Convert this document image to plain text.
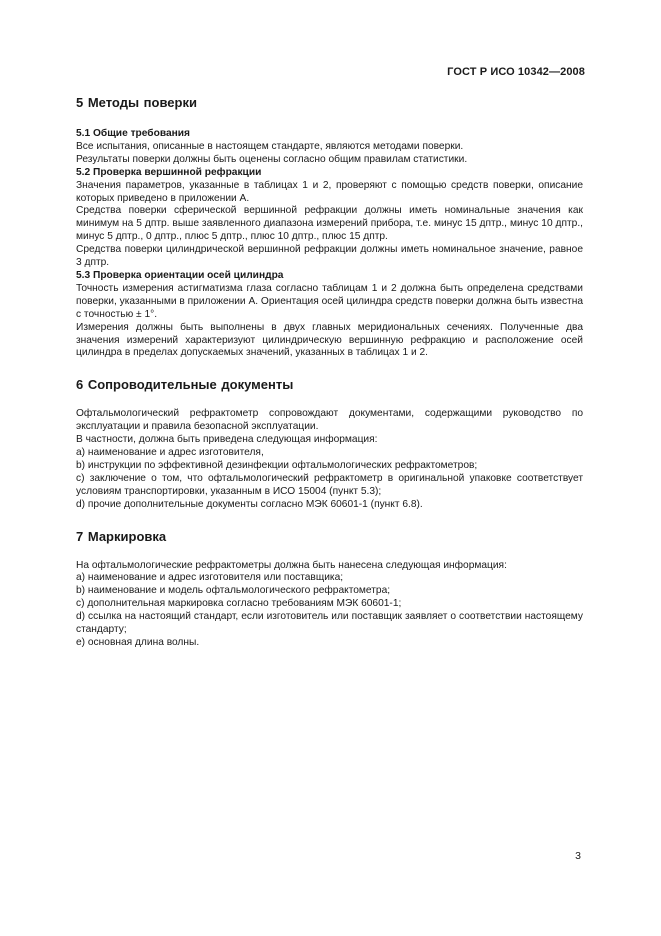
ГОСТ Р ИСО 10342—2008
5 Методы поверки
5.1 Общие требования

Все испытания, описанные в настоящем стандарте, являются методами поверки.

Результаты поверки должны быть оценены согласно общим правилам статистики.

5.2 Проверка вершинной рефракции

Значения параметров, указанные в таблицах 1 и 2, проверяют с помощью средств поверки, описание которых приведено в приложении А.

Средства поверки сферической вершинной рефракции должны иметь номинальные значения как минимум на 5 дптр. выше заявленного диапазона измерений прибора, т.е. минус 15 дптр., минус 10 дптр., минус 5 дптр., 0 дптр., плюс 5 дптр., плюс 10 дптр., плюс 15 дптр.

Средства поверки цилиндрической вершинной рефракции должны иметь номинальное значение, равное 3 дптр.

5.3 Проверка ориентации осей цилиндра

Точность измерения астигматизма глаза согласно таблицам 1 и 2 должна быть определена средствами поверки, указанными в приложении А. Ориентация осей цилиндра средств поверки должна быть известна с точностью ± 1°.

Измерения должны быть выполнены в двух главных меридиональных сечениях. Полученные два значения измерений характеризуют цилиндрическую вершинную рефракцию и расположение осей цилиндра в пределах допускаемых значений, указанных в таблицах 1 и 2.

6 Сопроводительные документы

Офтальмологический рефрактометр сопровождают документами, содержащими руководство по эксплуатации и правила безопасной эксплуатации.

В частности, должна быть приведена следующая информация:

a) наименование и адрес изготовителя,

b) инструкции по эффективной дезинфекции офтальмологических рефрактометров;

c) заключение о том, что офтальмологический рефрактометр в оригинальной упаковке соответствует условиям транспортировки, указанным в ИСО 15004 (пункт 5.3);

d) прочие дополнительные документы согласно МЭК 60601-1 (пункт 6.8).

7 Маркировка

На офтальмологические рефрактометры должна быть нанесена следующая информация:

a) наименование и адрес изготовителя или поставщика;

b) наименование и модель офтальмологического рефрактометра;

c) дополнительная маркировка согласно требованиям МЭК 60601-1;

d) ссылка на настоящий стандарт, если изготовитель или поставщик заявляет о соответствии настоящему стандарту;

e) основная длина волны.

3
